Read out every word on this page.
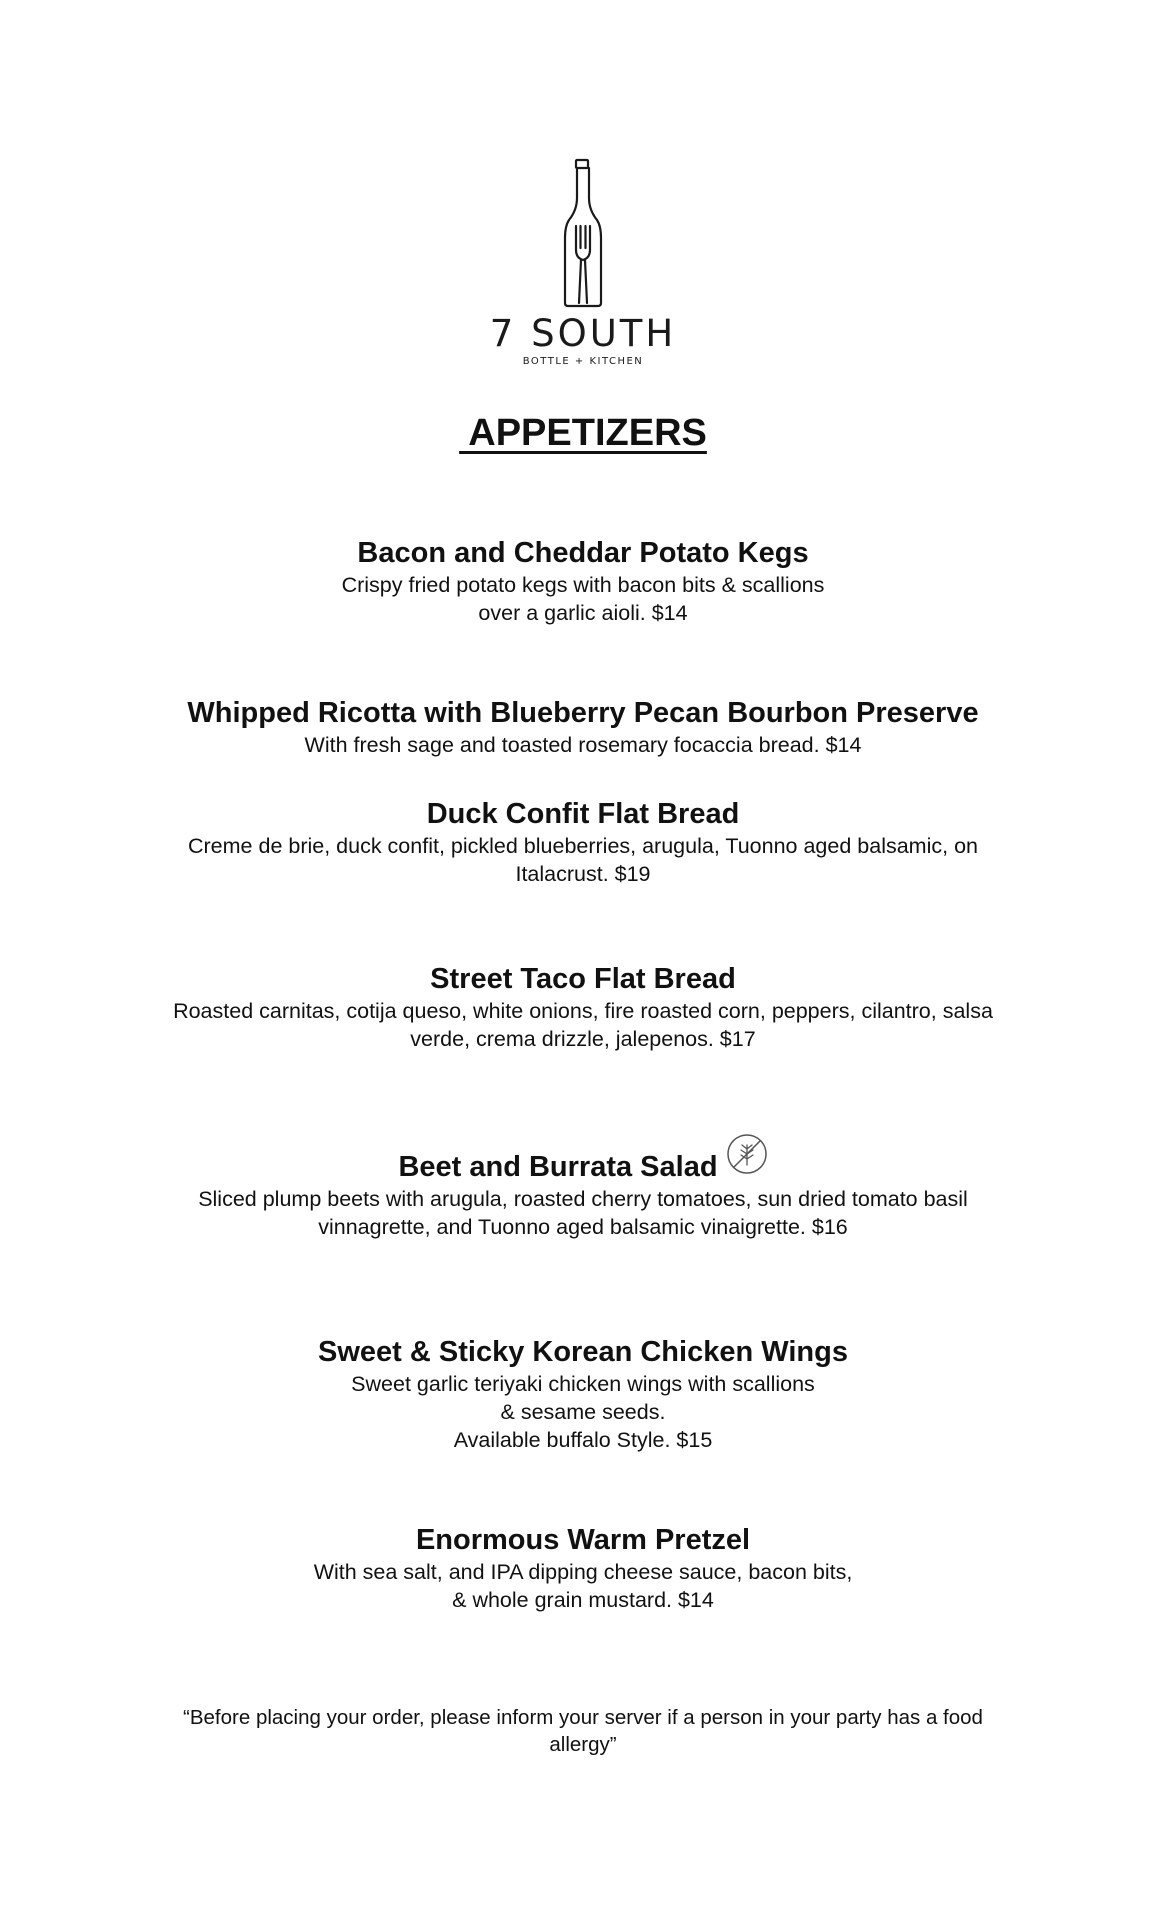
7 SOUTH
BOTTLE + KITCHEN
APPETIZERS

Bacon and Cheddar Potato Kegs

Crispy fried potato kegs with bacon bits & scallions
over a garlic aioli. $14

Whipped Ricotta with Blueberry Pecan Bourbon Preserve

With fresh sage and toasted rosemary focaccia bread. $14

Duck Confit Flat Bread

Creme de brie, duck confit, pickled blueberries, arugula, Tuonno aged balsamic, on
Italacrust. $19

Street Taco Flat Bread

Roasted carnitas, cotija queso, white onions, fire roasted corn, peppers, cilantro, salsa
verde, crema drizzle, jalepenos. $17

Beet and Burrata Salad

Sliced plump beets with arugula, roasted cherry tomatoes, sun dried tomato basil
vinnagrette, and Tuonno aged balsamic vinaigrette. $16

Sweet & Sticky Korean Chicken Wings

Sweet garlic teriyaki chicken wings with scallions
& sesame seeds.
Available buffalo Style. $15

Enormous Warm Pretzel

With sea salt, and IPA dipping cheese sauce, bacon bits,
& whole grain mustard. $14

“Before placing your order, please inform your server if a person in your party has a food
allergy”
